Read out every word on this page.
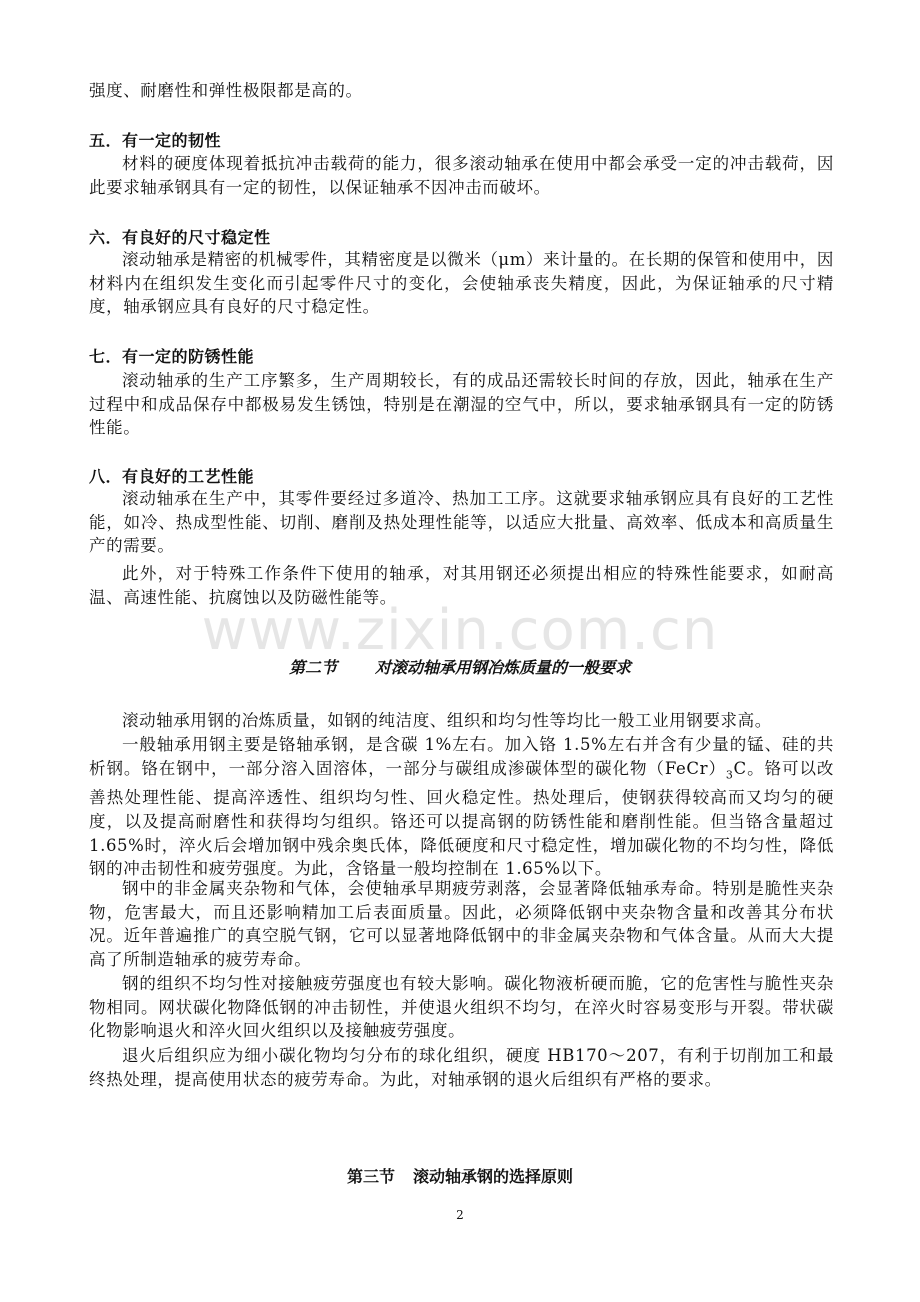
强度、耐磨性和弹性极限都是高的。

五．有一定的韧性

材料的硬度体现着抵抗冲击载荷的能力，很多滚动轴承在使用中都会承受一定的冲击载荷，因此要求轴承钢具有一定的韧性，以保证轴承不因冲击而破坏。

六．有良好的尺寸稳定性

滚动轴承是精密的机械零件，其精密度是以微米（μm）来计量的。在长期的保管和使用中，因材料内在组织发生变化而引起零件尺寸的变化，会使轴承丧失精度，因此，为保证轴承的尺寸精度，轴承钢应具有良好的尺寸稳定性。

七．有一定的防锈性能

滚动轴承的生产工序繁多，生产周期较长，有的成品还需较长时间的存放，因此，轴承在生产过程中和成品保存中都极易发生锈蚀，特别是在潮湿的空气中，所以，要求轴承钢具有一定的防锈性能。

八．有良好的工艺性能

滚动轴承在生产中，其零件要经过多道冷、热加工工序。这就要求轴承钢应具有良好的工艺性能，如冷、热成型性能、切削、磨削及热处理性能等，以适应大批量、高效率、低成本和高质量生产的需要。

此外，对于特殊工作条件下使用的轴承，对其用钢还必须提出相应的特殊性能要求，如耐高温、高速性能、抗腐蚀以及防磁性能等。

www.zixin.com.cn

第二节 对滚动轴承用钢冶炼质量的一般要求

滚动轴承用钢的冶炼质量，如钢的纯洁度、组织和均匀性等均比一般工业用钢要求高。

一般轴承用钢主要是铬轴承钢，是含碳 1%左右。加入铬 1.5%左右并含有少量的锰、硅的共析钢。铬在钢中，一部分溶入固溶体，一部分与碳组成渗碳体型的碳化物$(FeCr)_3C$。铬可以改善热处理性能、提高淬透性、组织均匀性、回火稳定性。热处理后，使钢获得较高而又均匀的硬度，以及提高耐磨性和获得均匀组织。铬还可以提高钢的防锈性能和磨削性能。但当铬含量超过 1.65%时，淬火后会增加钢中残余奥氏体，降低硬度和尺寸稳定性，增加碳化物的不均匀性，降低钢的冲击韧性和疲劳强度。为此，含铬量一般均控制在 1.65%以下。

钢中的非金属夹杂物和气体，会使轴承早期疲劳剥落，会显著降低轴承寿命。特别是脆性夹杂物，危害最大，而且还影响精加工后表面质量。因此，必须降低钢中夹杂物含量和改善其分布状况。近年普遍推广的真空脱气钢，它可以显著地降低钢中的非金属夹杂物和气体含量。从而大大提高了所制造轴承的疲劳寿命。

钢的组织不均匀性对接触疲劳强度也有较大影响。碳化物液析硬而脆，它的危害性与脆性夹杂物相同。网状碳化物降低钢的冲击韧性，并使退火组织不均匀，在淬火时容易变形与开裂。带状碳化物影响退火和淬火回火组织以及接触疲劳强度。

退火后组织应为细小碳化物均匀分布的球化组织，硬度 HB170～207，有利于切削加工和最终热处理，提高使用状态的疲劳寿命。为此，对轴承钢的退火后组织有严格的要求。

第三节 滚动轴承钢的选择原则

2
